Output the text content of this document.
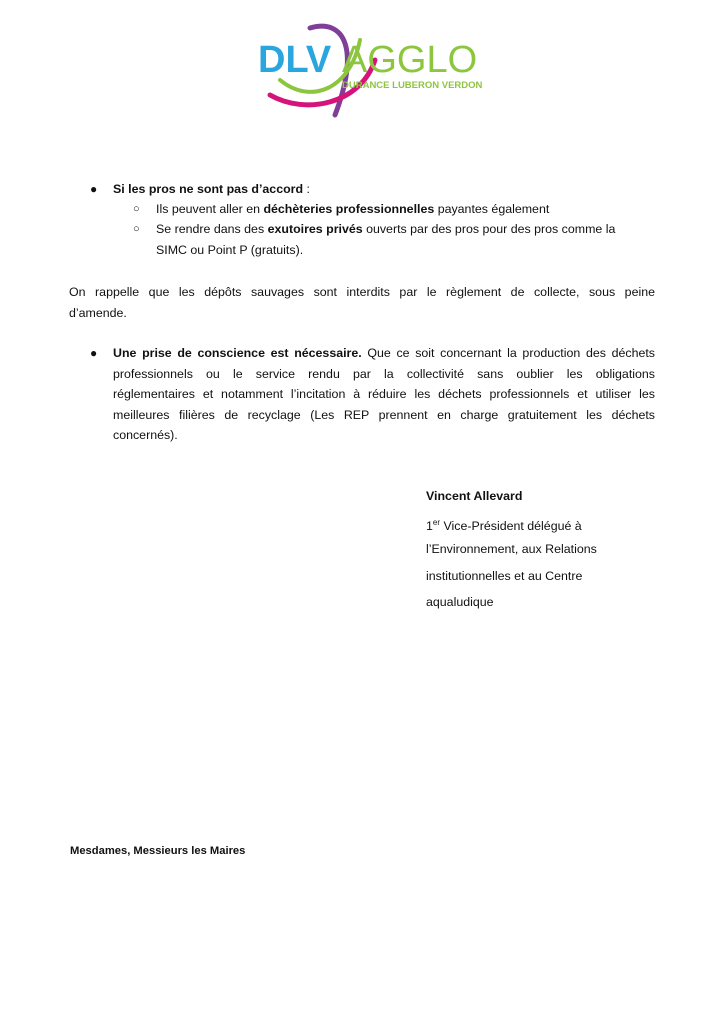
DLV AGGLO
DURANCE LUBERON VERDON
● Si les pros ne sont pas d’accord :
○ Ils peuvent aller en déchèteries professionnelles payantes également
○ Se rendre dans des exutoires privés ouverts par des pros pour des pros comme la
SIMC ou Point P (gratuits).
On rappelle que les dépôts sauvages sont interdits par le règlement de collecte, sous peine
d’amende.
● Une prise de conscience est nécessaire. Que ce soit concernant la production des déchets
professionnels ou le service rendu par la collectivité sans oublier les obligations
réglementaires et notamment l’incitation à réduire les déchets professionnels et utiliser les
meilleures filières de recyclage (Les REP prennent en charge gratuitement les déchets
concernés).
Vincent Allevard
1er Vice-Président délégué à
l’Environnement, aux Relations
institutionnelles et au Centre
aqualudique
Mesdames, Messieurs les Maires
